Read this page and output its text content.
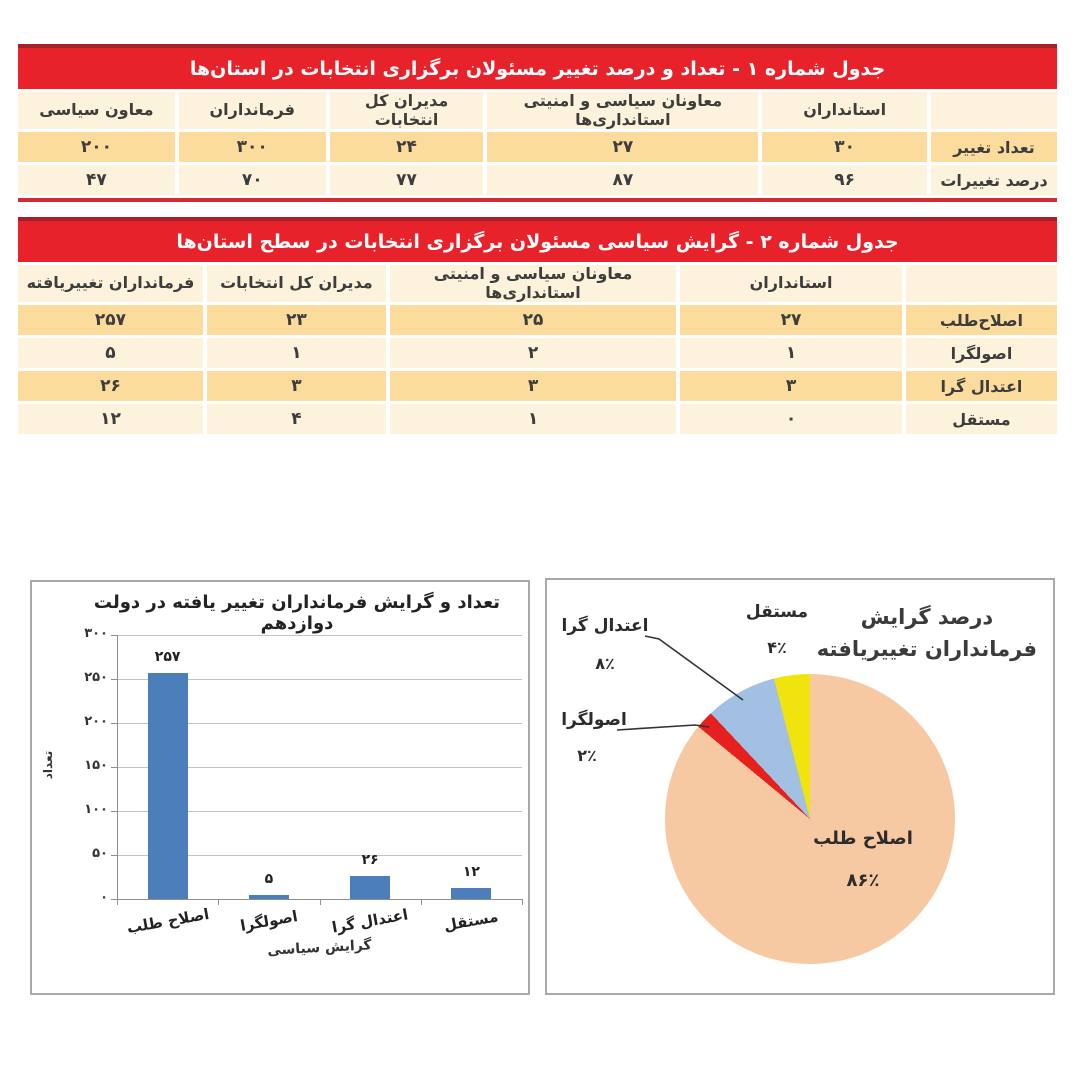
جدول شماره ۱ - تعداد و درصد تغییر مسئولان برگزاری انتخابات در استان‌ها
استانداران
معاونان سیاسی و امنیتی استانداری‌ها
مدیران کل انتخابات
فرمانداران
معاون سیاسی
تعداد تغییر
۳۰
۲۷
۲۴
۳۰۰
۲۰۰
درصد تغییرات
۹۶
۸۷
۷۷
۷۰
۴۷
جدول شماره ۲ - گرایش سیاسی مسئولان برگزاری انتخابات در سطح استان‌ها
استانداران
معاونان سیاسی و امنیتی استانداری‌ها
مدیران کل انتخابات
فرمانداران تغییریافته
اصلاح‌طلب
۲۷
۲۵
۲۳
۲۵۷
اصولگرا
۱
۲
۱
۵
اعتدال گرا
۳
۳
۳
۲۶
مستقل
۰
۱
۴
۱۲
تعداد و گرایش فرمانداران تغییر یافته در دولت دوازدهم
تعداد
گرایش سیاسی
۰
۵۰
۱۰۰
۱۵۰
۲۰۰
۲۵۰
۳۰۰
۲۵۷
اصلاح طلب
۵
اصولگرا
۲۶
اعتدال گرا
۱۲
مستقل
درصد گرایش
فرمانداران تغییریافته
اعتدال گرا
۸٪
اصولگرا
۲٪
مستقل
۴٪
اصلاح طلب
۸۶٪
